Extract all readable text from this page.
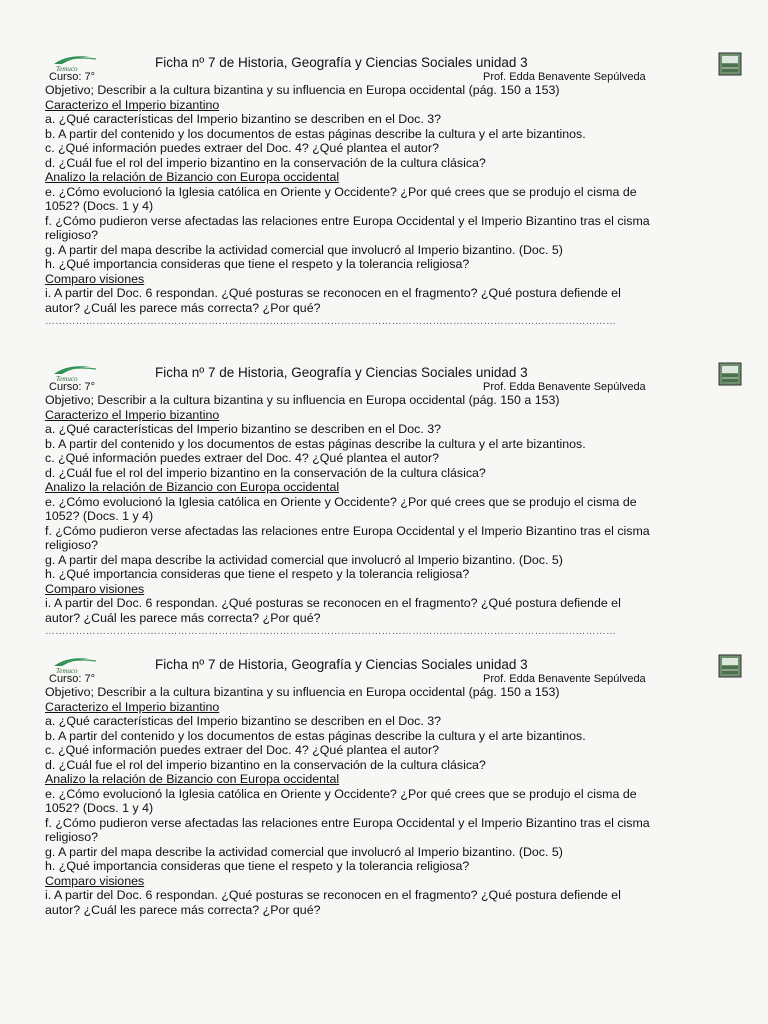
Temuco	Ficha nº 7 de Historia, Geografía y Ciencias Sociales unidad 3
Curso: 7°	Prof. Edda Benavente Sepúlveda
Objetivo; Describir a la cultura bizantina y su influencia en Europa occidental (pág. 150 a 153)
Caracterizo el Imperio bizantino
a. ¿Qué características del Imperio bizantino se describen en el Doc. 3?
b. A partir del contenido y los documentos de estas páginas describe la cultura y el arte bizantinos.
c. ¿Qué información puedes extraer del Doc. 4? ¿Qué plantea el autor?
d. ¿Cuál fue el rol del imperio bizantino en la conservación de la cultura clásica?
Analizo la relación de Bizancio con Europa occidental
e. ¿Cómo evolucionó la Iglesia católica en Oriente y Occidente? ¿Por qué crees que se produjo el cisma de
1052? (Docs. 1 y 4)
f. ¿Cómo pudieron verse afectadas las relaciones entre Europa Occidental y el Imperio Bizantino tras el cisma
religioso?
g. A partir del mapa describe la actividad comercial que involucró al Imperio bizantino. (Doc. 5)
h. ¿Qué importancia consideras que tiene el respeto y la tolerancia religiosa?
Comparo visiones
i. A partir del Doc. 6 respondan. ¿Qué posturas se reconocen en el fragmento? ¿Qué postura defiende el
autor? ¿Cuál les parece más correcta? ¿Por qué?
……………………………………………………………………………………………………………………………………………………
Temuco	Ficha nº 7 de Historia, Geografía y Ciencias Sociales unidad 3
Curso: 7°	Prof. Edda Benavente Sepúlveda
Objetivo; Describir a la cultura bizantina y su influencia en Europa occidental (pág. 150 a 153)
Caracterizo el Imperio bizantino
a. ¿Qué características del Imperio bizantino se describen en el Doc. 3?
b. A partir del contenido y los documentos de estas páginas describe la cultura y el arte bizantinos.
c. ¿Qué información puedes extraer del Doc. 4? ¿Qué plantea el autor?
d. ¿Cuál fue el rol del imperio bizantino en la conservación de la cultura clásica?
Analizo la relación de Bizancio con Europa occidental
e. ¿Cómo evolucionó la Iglesia católica en Oriente y Occidente? ¿Por qué crees que se produjo el cisma de
1052? (Docs. 1 y 4)
f. ¿Cómo pudieron verse afectadas las relaciones entre Europa Occidental y el Imperio Bizantino tras el cisma
religioso?
g. A partir del mapa describe la actividad comercial que involucró al Imperio bizantino. (Doc. 5)
h. ¿Qué importancia consideras que tiene el respeto y la tolerancia religiosa?
Comparo visiones
i. A partir del Doc. 6 respondan. ¿Qué posturas se reconocen en el fragmento? ¿Qué postura defiende el
autor? ¿Cuál les parece más correcta? ¿Por qué?
……………………………………………………………………………………………………………………………………………………
Temuco	Ficha nº 7 de Historia, Geografía y Ciencias Sociales unidad 3
Curso: 7°	Prof. Edda Benavente Sepúlveda
Objetivo; Describir a la cultura bizantina y su influencia en Europa occidental (pág. 150 a 153)
Caracterizo el Imperio bizantino
a. ¿Qué características del Imperio bizantino se describen en el Doc. 3?
b. A partir del contenido y los documentos de estas páginas describe la cultura y el arte bizantinos.
c. ¿Qué información puedes extraer del Doc. 4? ¿Qué plantea el autor?
d. ¿Cuál fue el rol del imperio bizantino en la conservación de la cultura clásica?
Analizo la relación de Bizancio con Europa occidental
e. ¿Cómo evolucionó la Iglesia católica en Oriente y Occidente? ¿Por qué crees que se produjo el cisma de
1052? (Docs. 1 y 4)
f. ¿Cómo pudieron verse afectadas las relaciones entre Europa Occidental y el Imperio Bizantino tras el cisma
religioso?
g. A partir del mapa describe la actividad comercial que involucró al Imperio bizantino. (Doc. 5)
h. ¿Qué importancia consideras que tiene el respeto y la tolerancia religiosa?
Comparo visiones
i. A partir del Doc. 6 respondan. ¿Qué posturas se reconocen en el fragmento? ¿Qué postura defiende el
autor? ¿Cuál les parece más correcta? ¿Por qué?
